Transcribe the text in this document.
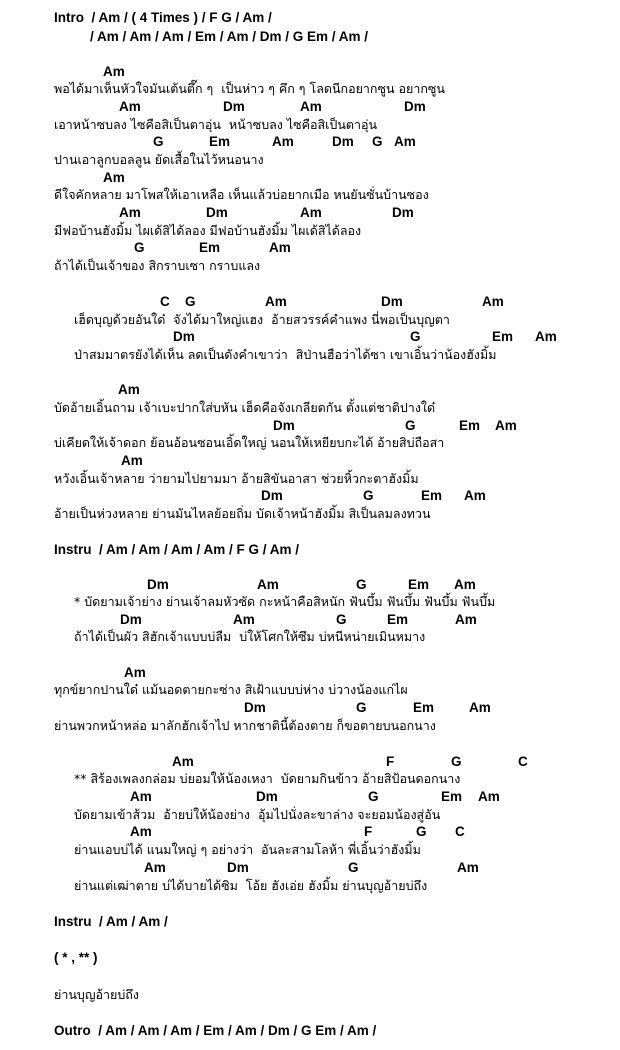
Intro  / Am / ( 4 Times ) / F G / Am /
/ Am / Am / Am / Em / Am / Dm / G Em / Am /
Am
พอได้มาเห็นหัวใจมันเต้นตึ๊ก ๆ  เป็นห่าว ๆ คึก ๆ โลดนีกอยากซูน อยากซูน
Am	Dm	Am	Dm
เอาหน้าซบลง ไซคือสิเป็นตาอุ่น  หน้าซบลง ไซคือสิเป็นตาอุ่น
G	Em	Am	Dm G Am
ปานเอาลูกบอลลูน ยัดเสื้อในไว้หนอนาง
Am
ดีใจคักหลาย มาโพสให้เอาเหลือ เห็นแล้วบ่อยากเมือ หนยันซั่นบ้านซอง
Am	Dm	Am	Dm
มีฟอบ้านฮังมิ้ม ไผเด้สิได้ลอง มีฟอบ้านฮังมิ้ม ไผเด้สิได้ลอง
G	Em	Am
ถ้าได้เป็นเจ้าของ สิกราบเซา กราบแลง
C G	Am	Dm	Am
เฮ็ดบุญด้วยอันใด๋  จังได้มาใหญ่แฮง  อ้ายสวรรค์คำแพง นี่พอเป็นบุญตา
Dm	G	Em Am
ป่าสมมาตรยังได้เห็น ลดเป็นดังคำเขาว่า  สิป่านฮือว่าได้ซา เขาเอิ้นว่าน้องฮังมิ้ม
Am
บัดอ้ายเอิ้นถาม เจ้าเบะปากใส่บหัน เฮ็ดคือจังเกลียดกัน ตั้งแต่ชาติปางใด๋
Dm	G	Em Am
บ่เคียดให้เจ้าดอก ย้อนอ้อนซอนเอิ้ดใหญ่ นอนให้เหยียบกะได้ อ้ายสิบ่ถือสา
Am
หวังเอิ้นเจ้าหลาย ว่ายามไปยามมา อ้ายสิขันอาสา ช่วยหิ้วกะตาฮังมิ้ม
Dm	G	Em Am
อ้ายเป็นห่วงหลาย ย่านมันไหลย้อยถิ่ม บัดเจ้าหน้าฮังมิ้ม สิเป็นลมลงทวน
Instru  / Am / Am / Am / Am / F G / Am /
Dm	Am	G	Em Am
* บัดยามเจ้าย่าง ย่านเจ้าลมหัวซัด กะหน้าคือสิหนัก ฟันบึ้ม ฟันบึ้ม ฟันบึ้ม ฟันบึ้ม
Dm	Am	G	Em	Am
ถ้าได้เป็นผัว สิฮักเจ้าแบบบ่ลืม  บ่ให้โศกให้ซึม บ่หนีหน่ายเมินหมาง
Am
ทุกข์ยากปานใด๋ แม้นอดตายกะซ่าง สิเฝ้าแบบบ่ห่าง บ่วางน้องแก่ไผ
Dm	G	Em	Am
ย่านพวกหน้าหล่อ มาลักฮักเจ้าไป หากชาตินี้ต้องตาย ก็ขอตายบนอกนาง
Am	F	G	C
** สิร้องเพลงกล่อม บ่ยอมให้น้องเหงา  บัดยามกินข้าว อ้ายสิป้อนดอกนาง
Am	Dm	G	Em Am
บัดยามเข้าส้วม  อ้ายบ่ให้น้องย่าง  อุ้มไปนั่งละขาล่าง จะยอมน้องสู่อัน
Am	F	G C
ย่านแอบบ่ได้ แนมใหญ่ ๆ อย่างว่า  อันละสามโลห้า พี่เอิ้นว่าฮังมิ้ม
Am	Dm	G	Am
ย่านแต่เฒ่าตาย บ่ได้บายได้ซิม  โอ้ย ฮังเอ่ย ฮังมิ้ม ย่านบุญอ้ายบ่ถึง
Instru  / Am / Am /
( * , ** )
ย่านบุญอ้ายบ่ถึง
Outro  / Am / Am / Am / Em / Am / Dm / G Em / Am /
